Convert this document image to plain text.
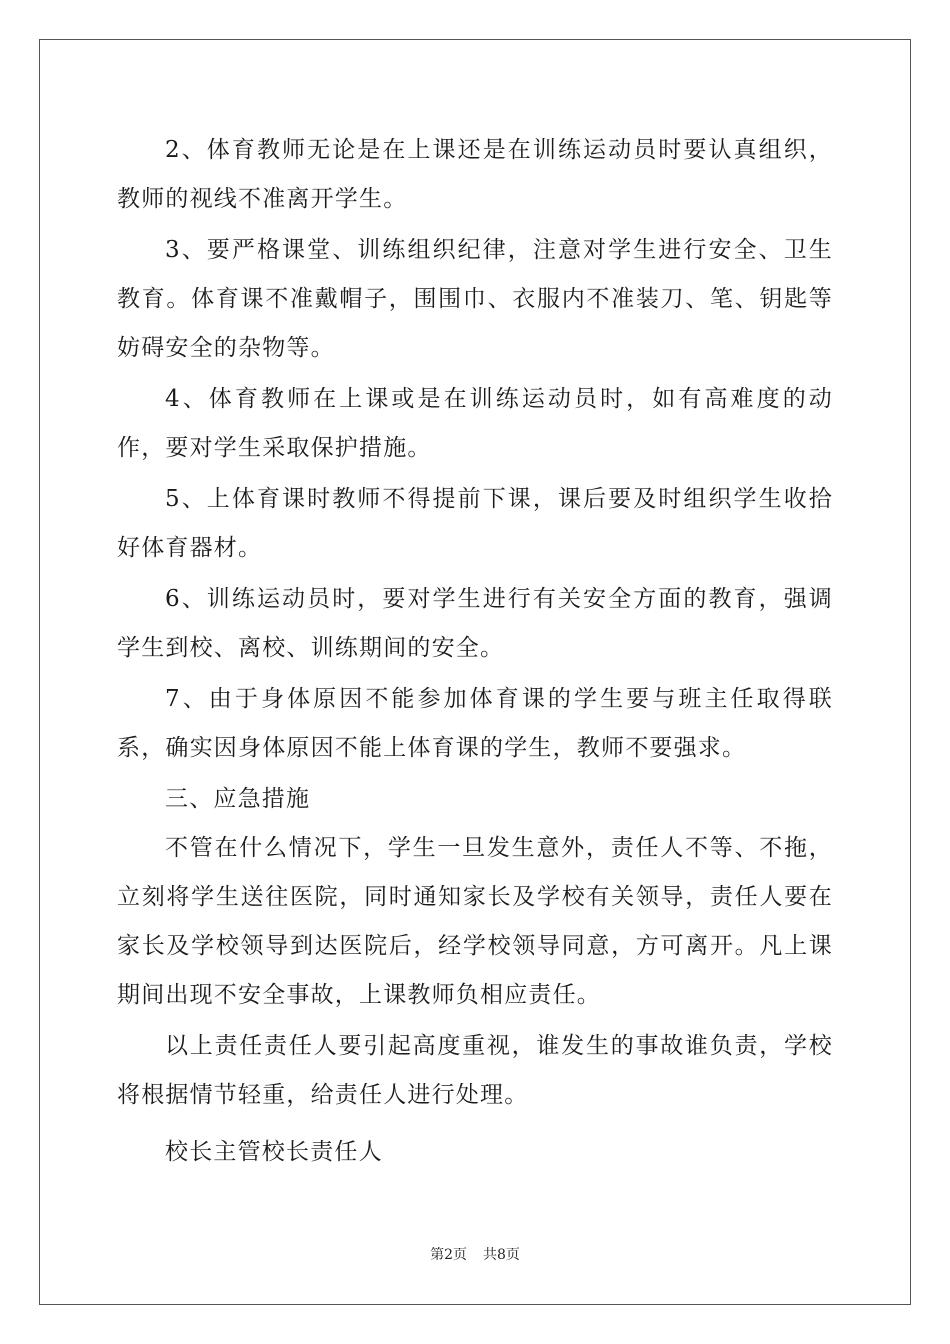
2、体育教师无论是在上课还是在训练运动员时要认真组织，教师的视线不准离开学生。

3、要严格课堂、训练组织纪律，注意对学生进行安全、卫生教育。体育课不准戴帽子，围围巾、衣服内不准装刀、笔、钥匙等妨碍安全的杂物等。

4、体育教师在上课或是在训练运动员时，如有高难度的动作，要对学生采取保护措施。

5、上体育课时教师不得提前下课，课后要及时组织学生收拾好体育器材。

6、训练运动员时，要对学生进行有关安全方面的教育，强调学生到校、离校、训练期间的安全。

7、由于身体原因不能参加体育课的学生要与班主任取得联系，确实因身体原因不能上体育课的学生，教师不要强求。

三、应急措施

不管在什么情况下，学生一旦发生意外，责任人不等、不拖，立刻将学生送往医院，同时通知家长及学校有关领导，责任人要在家长及学校领导到达医院后，经学校领导同意，方可离开。凡上课期间出现不安全事故，上课教师负相应责任。

以上责任责任人要引起高度重视，谁发生的事故谁负责，学校将根据情节轻重，给责任人进行处理。

校长主管校长责任人

第2页 共8页
